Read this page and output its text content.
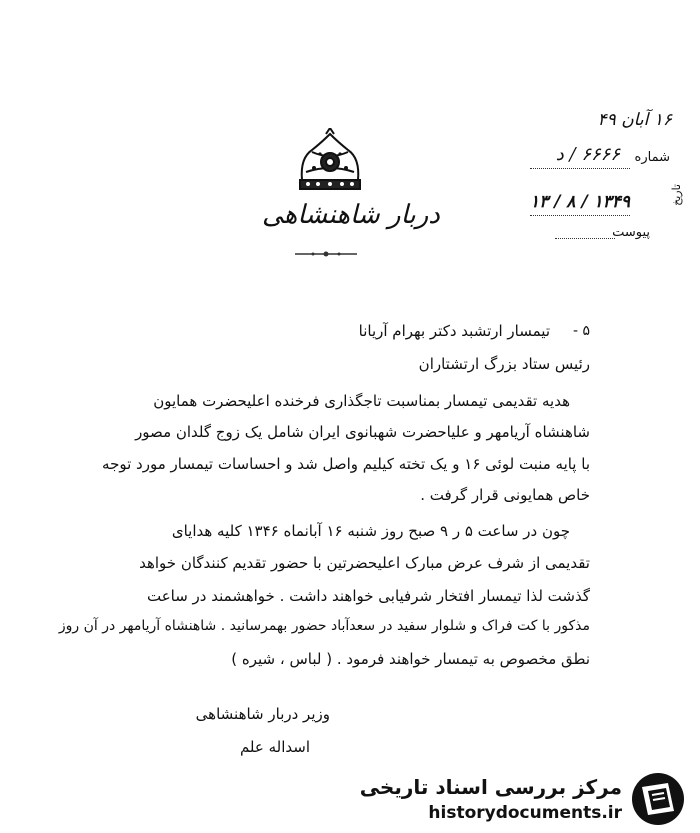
۱۶ آبان ۴۹
شماره
۶۶۶۶ / د
تاریخ
۱۳۴۹ / ۸ / ۱۳
پیوست
دربار شاهنشاهی
۵ -
تیمسار ارتشبد دکتر بهرام آریانا
رئیس ستاد بزرگ ارتشتاران
هدیه تقدیمی تیمسار بمناسبت تاجگذاری فرخنده اعلیحضرت همایون
شاهنشاه آریامهر و علیاحضرت شهبانوی ایران شامل یک زوج گلدان مصور
با پایه منبت لوئی ۱۶ و یک تخته کیلیم واصل شد و احساسات تیمسار مورد توجه
خاص همایونی قرار گرفت .
چون در ساعت ۵ ر ۹ صبح روز شنبه ۱۶ آبانماه ۱۳۴۶ کلیه هدایای
تقدیمی از شرف عرض مبارک اعلیحضرتین با حضور تقدیم کنندگان خواهد
گذشت لذا تیمسار افتخار شرفیابی خواهند داشت . خواهشمند در ساعت
مذکور با کت فراک و شلوار سفید در سعدآباد حضور بهمرسانید . شاهنشاه آریامهر در آن روز
نطق مخصوص به تیمسار خواهند فرمود . ( لباس ، شیره )
وزیر دربار شاهنشاهی
اسداله علم
مرکز بررسی اسناد تاریخی
historydocuments.ir
